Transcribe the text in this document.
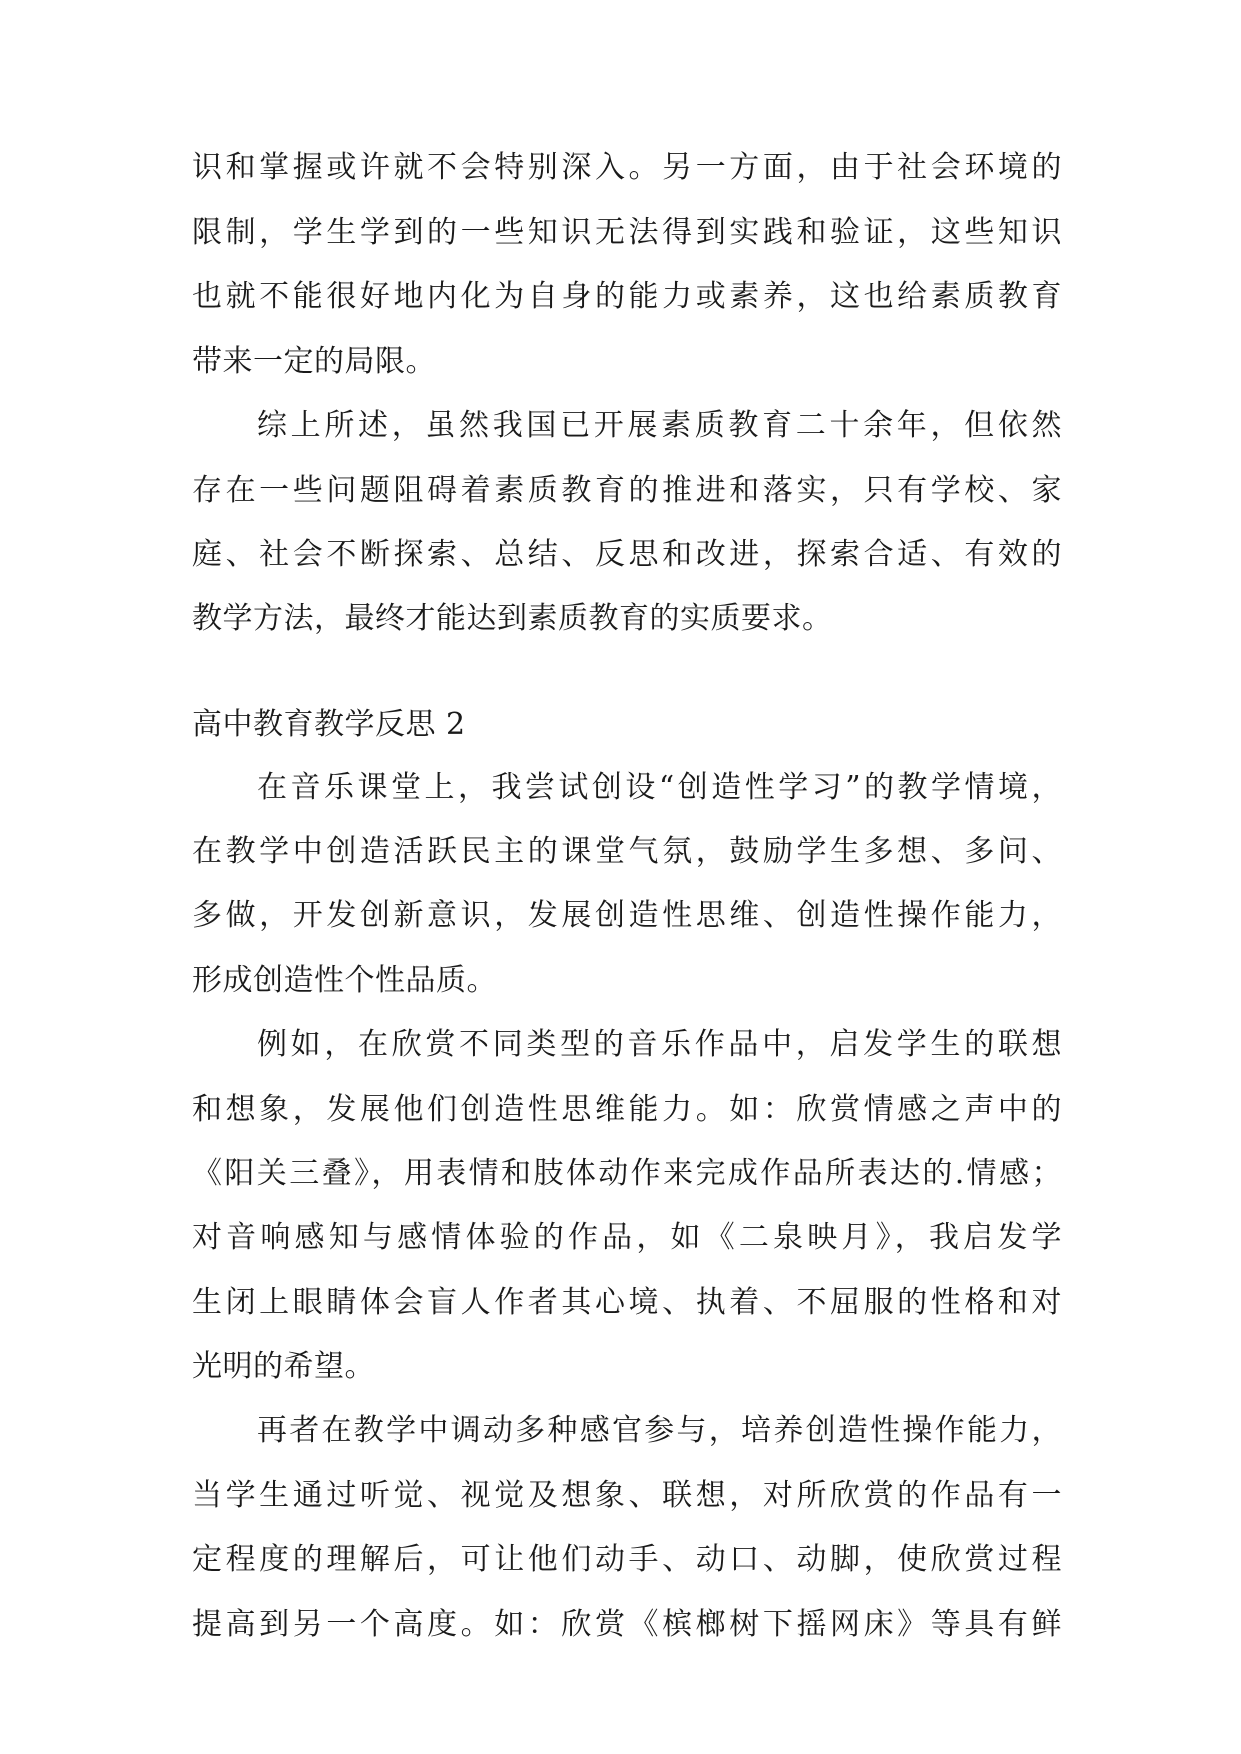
识和掌握或许就不会特别深入。另一方面，由于社会环境的

限制，学生学到的一些知识无法得到实践和验证，这些知识

也就不能很好地内化为自身的能力或素养，这也给素质教育

带来一定的局限。

综上所述，虽然我国已开展素质教育二十余年，但依然

存在一些问题阻碍着素质教育的推进和落实，只有学校、家

庭、社会不断探索、总结、反思和改进，探索合适、有效的

教学方法，最终才能达到素质教育的实质要求。

高中教育教学反思 2

在音乐课堂上，我尝试创设“创造性学习”的教学情境，

在教学中创造活跃民主的课堂气氛，鼓励学生多想、多问、

多做，开发创新意识，发展创造性思维、创造性操作能力，

形成创造性个性品质。

例如，在欣赏不同类型的音乐作品中，启发学生的联想

和想象，发展他们创造性思维能力。如：欣赏情感之声中的

《阳关三叠》，用表情和肢体动作来完成作品所表达的.情感；

对音响感知与感情体验的作品，如《二泉映月》，我启发学

生闭上眼睛体会盲人作者其心境、执着、不屈服的性格和对

光明的希望。

再者在教学中调动多种感官参与，培养创造性操作能力，

当学生通过听觉、视觉及想象、联想，对所欣赏的作品有一

定程度的理解后，可让他们动手、动口、动脚，使欣赏过程

提高到另一个高度。如：欣赏《槟榔树下摇网床》等具有鲜
